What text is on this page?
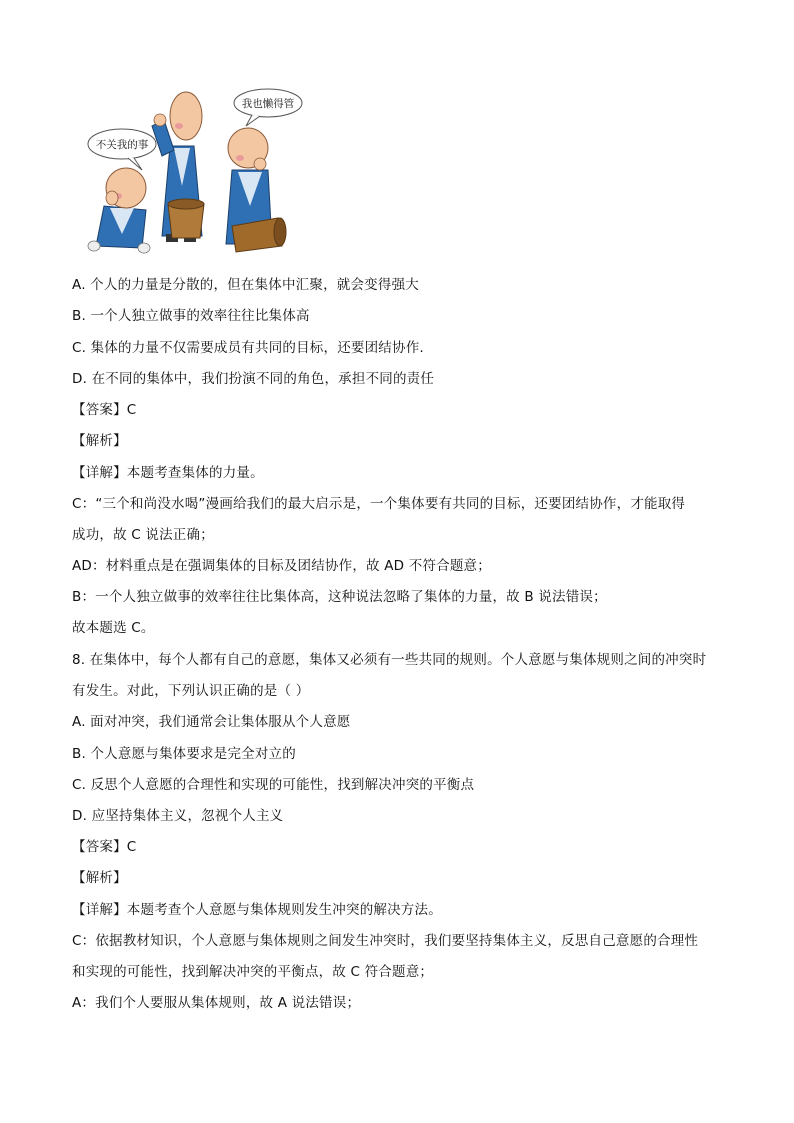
不关我的事
我也懒得管
A. 个人的力量是分散的，但在集体中汇聚，就会变得强大
B. 一个人独立做事的效率往往比集体高
C. 集体的力量不仅需要成员有共同的目标，还要团结协作.
D. 在不同的集体中，我们扮演不同的角色，承担不同的责任
【答案】C
【解析】
【详解】本题考查集体的力量。
C：“三个和尚没水喝”漫画给我们的最大启示是，一个集体要有共同的目标，还要团结协作，才能取得
成功，故 C 说法正确；
AD：材料重点是在强调集体的目标及团结协作，故 AD 不符合题意；
B：一个人独立做事的效率往往比集体高，这种说法忽略了集体的力量，故 B 说法错误；
故本题选 C。
8. 在集体中，每个人都有自己的意愿，集体又必须有一些共同的规则。个人意愿与集体规则之间的冲突时
有发生。对此，下列认识正确的是（ ）
A. 面对冲突，我们通常会让集体服从个人意愿
B. 个人意愿与集体要求是完全对立的
C. 反思个人意愿的合理性和实现的可能性，找到解决冲突的平衡点
D. 应坚持集体主义，忽视个人主义
【答案】C
【解析】
【详解】本题考查个人意愿与集体规则发生冲突的解决方法。
C：依据教材知识，个人意愿与集体规则之间发生冲突时，我们要坚持集体主义，反思自己意愿的合理性
和实现的可能性，找到解决冲突的平衡点，故 C 符合题意；
A：我们个人要服从集体规则，故 A 说法错误；
